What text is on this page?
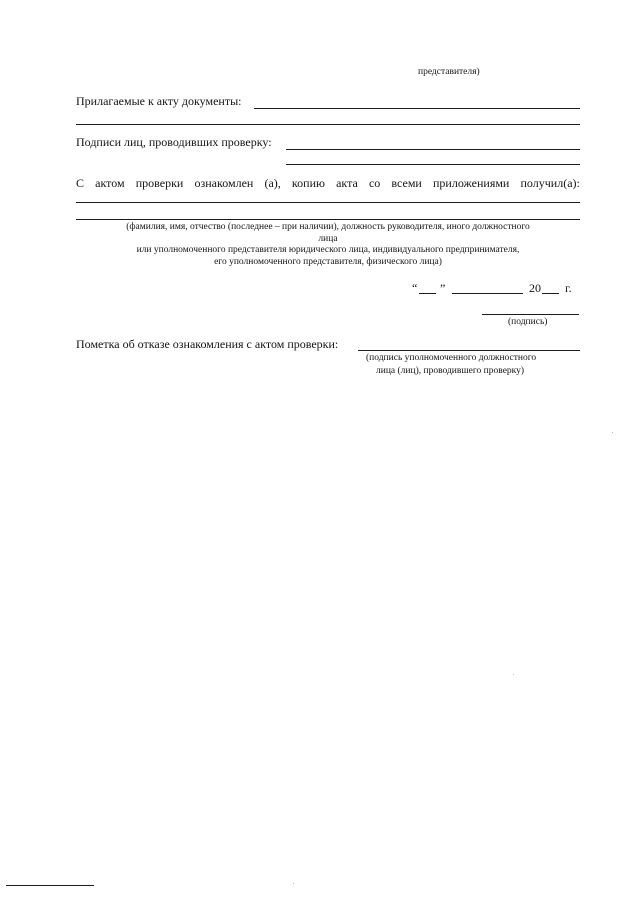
представителя)
Прилагаемые к акту документы:
Подписи лиц, проводивших проверку:
С актом проверки ознакомлен (а), копию акта со всеми приложениями получил(а):
(фамилия, имя, отчество (последнее – при наличии), должность руководителя, иного должностного
лица
или уполномоченного представителя юридического лица, индивидуального предпринимателя,
его уполномоченного представителя, физического лица)
“ ”	20 г.
(подпись)
Пометка об отказе ознакомления с актом проверки:
(подпись уполномоченного должностного
лица (лиц), проводившего проверку)
